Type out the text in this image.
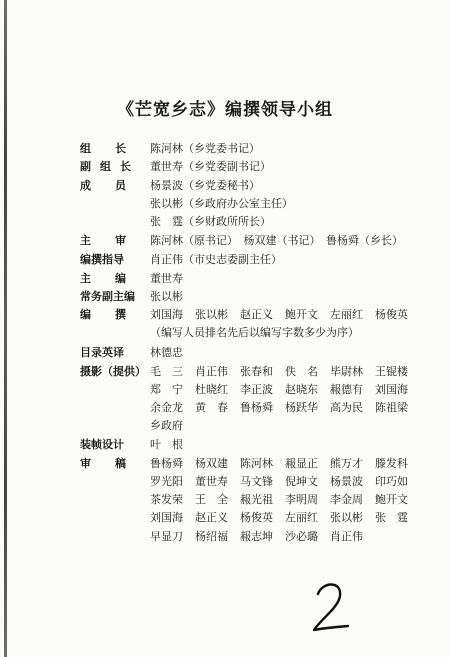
《芒宽乡志》编撰领导小组
组长 陈河林（乡党委书记）
副组长 董世寿（乡党委副书记）
成员 杨景波（乡党委秘书）
张以彬（乡政府办公室主任）
张　霆（乡财政所所长）
主审 陈河林（原书记）　杨双建（书记）　鲁杨舜（乡长）
编撰指导	肖正伟（市史志委副主任）
主编 董世寿
常务副主编	张以彬
编撰 刘国海	张以彬	赵正义	鲍开文	左丽红	杨俊英
（编写人员排名先后以编写字数多少为序）
目录英译	林德忠
摄影（提供） 毛　三	肖正伟	张春和	佚　名	毕尉林	王锟楼
郑　宁	杜晓红	李正波	赵晓东	赧德有	刘国海
余金龙	黄　春	鲁杨舜	杨跃华	高为民	陈祖梁
乡政府
装帧设计	叶　根
审稿 鲁杨舜	杨双建	陈河林	赧显正	熊万才	滕发科
罗光阳	董世寿	马文锋	倪坤文	杨景波	印巧如
茶发荣	王　全	赧光祖	李明周	李金周	鲍开文
刘国海	赵正义	杨俊英	左丽红	张以彬	张　霆
早显刀	杨绍福	赧志坤	沙必璐	肖正伟
